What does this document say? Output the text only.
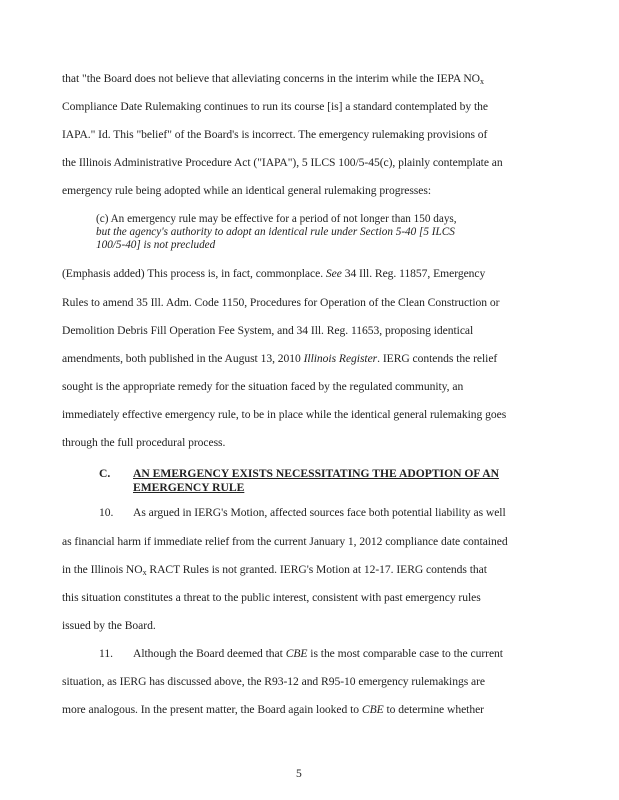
that "the Board does not believe that alleviating concerns in the interim while the IEPA $NO_x$
Compliance Date Rulemaking continues to run its course [is] a standard contemplated by the
IAPA." Id. This "belief" of the Board's is incorrect. The emergency rulemaking provisions of
the Illinois Administrative Procedure Act ("IAPA"), 5 ILCS 100/5-45(c), plainly contemplate an
emergency rule being adopted while an identical general rulemaking progresses:
(c) An emergency rule may be effective for a period of not longer than 150 days,
but the agency's authority to adopt an identical rule under Section 5-40 [5 ILCS
100/5-40] is not precluded
(Emphasis added) This process is, in fact, commonplace. See 34 Ill. Reg. 11857, Emergency
Rules to amend 35 Ill. Adm. Code 1150, Procedures for Operation of the Clean Construction or
Demolition Debris Fill Operation Fee System, and 34 Ill. Reg. 11653, proposing identical
amendments, both published in the August 13, 2010 Illinois Register. IERG contends the relief
sought is the appropriate remedy for the situation faced by the regulated community, an
immediately effective emergency rule, to be in place while the identical general rulemaking goes
through the full procedural process.
C. AN EMERGENCY EXISTS NECESSITATING THE ADOPTION OF AN
EMERGENCY RULE
10. As argued in IERG's Motion, affected sources face both potential liability as well
as financial harm if immediate relief from the current January 1, 2012 compliance date contained
in the Illinois $NO_x$ RACT Rules is not granted. IERG's Motion at 12-17. IERG contends that
this situation constitutes a threat to the public interest, consistent with past emergency rules
issued by the Board.
11. Although the Board deemed that CBE is the most comparable case to the current
situation, as IERG has discussed above, the R93-12 and R95-10 emergency rulemakings are
more analogous. In the present matter, the Board again looked to CBE to determine whether
5
